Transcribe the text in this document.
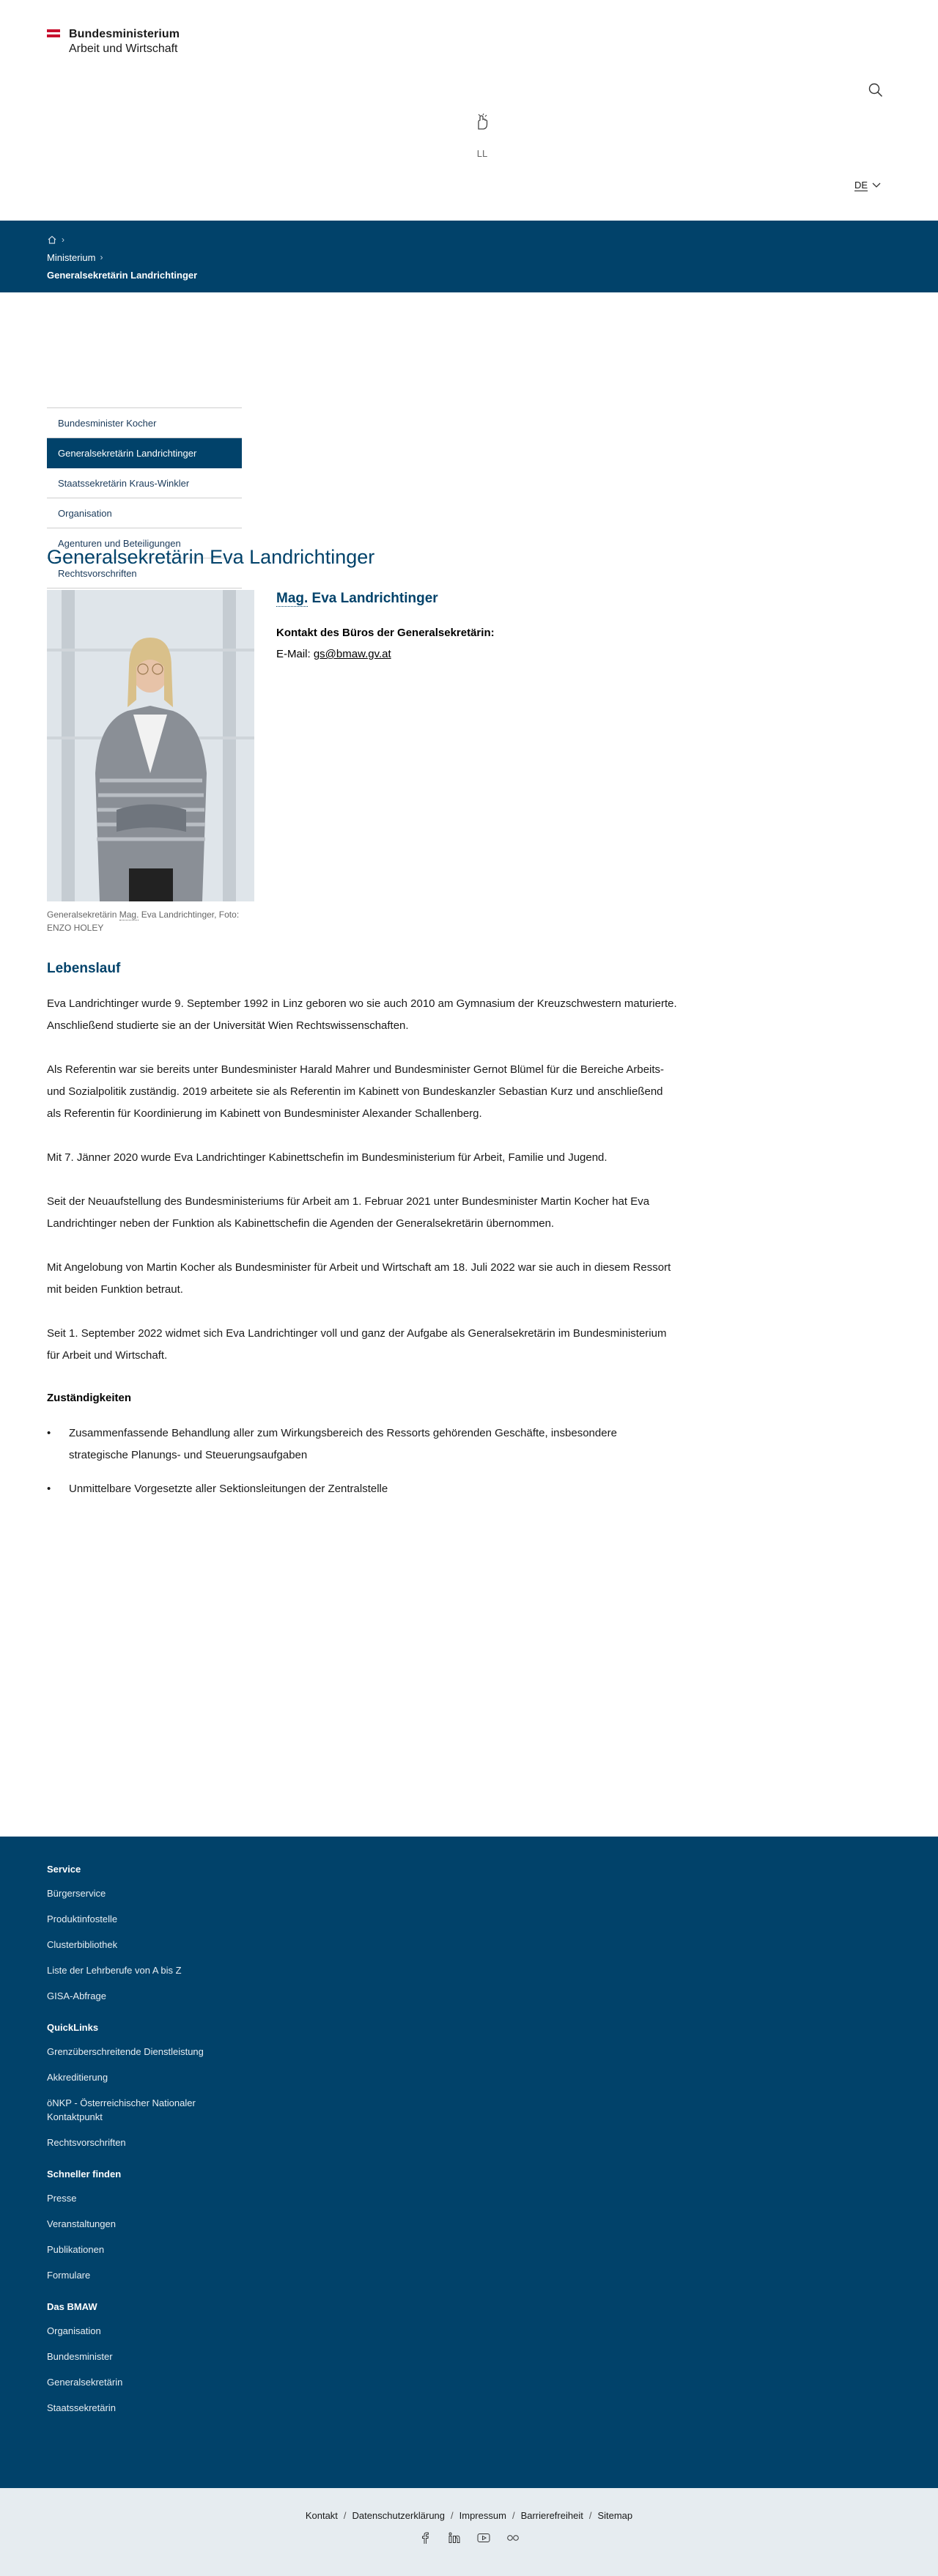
Bundesministerium
Arbeit und Wirtschaft
LL
DE
›
Ministerium ›
Generalsekretärin Landrichtinger
Bundesminister Kocher
Generalsekretärin Landrichtinger
Staatssekretärin Kraus-Winkler
Organisation
Agenturen und Beteiligungen
Rechtsvorschriften
Generalsekretärin Eva Landrichtinger
Generalsekretärin Mag. Eva Landrichtinger, Foto: ENZO HOLEY
Mag. Eva Landrichtinger
Kontakt des Büros der Generalsekretärin:
E-Mail: gs@bmaw.gv.at
Lebenslauf

Eva Landrichtinger wurde 9. September 1992 in Linz geboren wo sie auch 2010 am Gymnasium der Kreuzschwestern maturierte. Anschließend studierte sie an der Universität Wien Rechtswissenschaften.

Als Referentin war sie bereits unter Bundesminister Harald Mahrer und Bundesminister Gernot Blümel für die Bereiche Arbeits- und Sozialpolitik zuständig. 2019 arbeitete sie als Referentin im Kabinett von Bundeskanzler Sebastian Kurz und anschließend als Referentin für Koordinierung im Kabinett von Bundesminister Alexander Schallenberg.

Mit 7. Jänner 2020 wurde Eva Landrichtinger Kabinettschefin im Bundesministerium für Arbeit, Familie und Jugend.

Seit der Neuaufstellung des Bundesministeriums für Arbeit am 1. Februar 2021 unter Bundesminister Martin Kocher hat Eva Landrichtinger neben der Funktion als Kabinettschefin die Agenden der Generalsekretärin übernommen.

Mit Angelobung von Martin Kocher als Bundesminister für Arbeit und Wirtschaft am 18. Juli 2022 war sie auch in diesem Ressort mit beiden Funktion betraut.

Seit 1. September 2022 widmet sich Eva Landrichtinger voll und ganz der Aufgabe als Generalsekretärin im Bundesministerium für Arbeit und Wirtschaft.

Zuständigkeiten
• Zusammenfassende Behandlung aller zum Wirkungsbereich des Ressorts gehörenden Geschäfte, insbesondere strategische Planungs- und Steuerungsaufgaben
• Unmittelbare Vorgesetzte aller Sektionsleitungen der Zentralstelle
Service
Bürgerservice
Produktinfostelle
Clusterbibliothek
Liste der Lehrberufe von A bis Z
GISA-Abfrage
QuickLinks
Grenzüberschreitende Dienstleistung
Akkreditierung
öNKP - Österreichischer Nationaler Kontaktpunkt
Rechtsvorschriften
Schneller finden
Presse
Veranstaltungen
Publikationen
Formulare
Das BMAW
Organisation
Bundesminister
Generalsekretärin
Staatssekretärin
Kontakt / Datenschutzerklärung / Impressum / Barrierefreiheit / Sitemap
